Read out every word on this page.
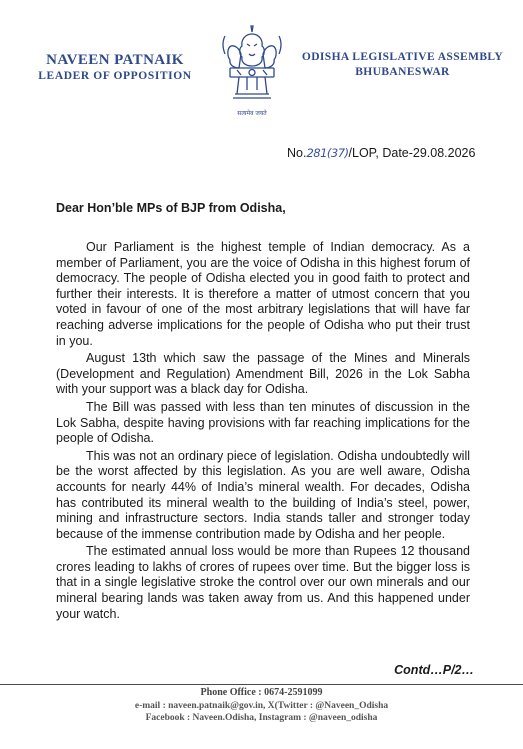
NAVEEN PATNAIK
LEADER OF OPPOSITION
सत्यमेव जयते
ODISHA LEGISLATIVE ASSEMBLY
BHUBANESWAR
No.281(37)/LOP, Date-29.08.2026
Dear Hon’ble MPs of BJP from Odisha,

Our Parliament is the highest temple of Indian democracy. As a member of Parliament, you are the voice of Odisha in this highest forum of democracy. The people of Odisha elected you in good faith to protect and further their interests. It is therefore a matter of utmost concern that you voted in favour of one of the most arbitrary legislations that will have far reaching adverse implications for the people of Odisha who put their trust in you.

August 13th which saw the passage of the Mines and Minerals (Development and Regulation) Amendment Bill, 2026 in the Lok Sabha with your support was a black day for Odisha.

The Bill was passed with less than ten minutes of discussion in the Lok Sabha, despite having provisions with far reaching implications for the people of Odisha.

This was not an ordinary piece of legislation. Odisha undoubtedly will be the worst affected by this legislation. As you are well aware, Odisha accounts for nearly 44% of India’s mineral wealth. For decades, Odisha has contributed its mineral wealth to the building of India’s steel, power, mining and infrastructure sectors. India stands taller and stronger today because of the immense contribution made by Odisha and her people.

The estimated annual loss would be more than Rupees 12 thousand crores leading to lakhs of crores of rupees over time. But the bigger loss is that in a single legislative stroke the control over our own minerals and our mineral bearing lands was taken away from us. And this happened under your watch.

Contd…P/2…
Phone Office : 0674-2591099
e-mail : naveen.patnaik@gov.in, X(Twitter : @Naveen_Odisha
Facebook : Naveen.Odisha, Instagram : @naveen_odisha
